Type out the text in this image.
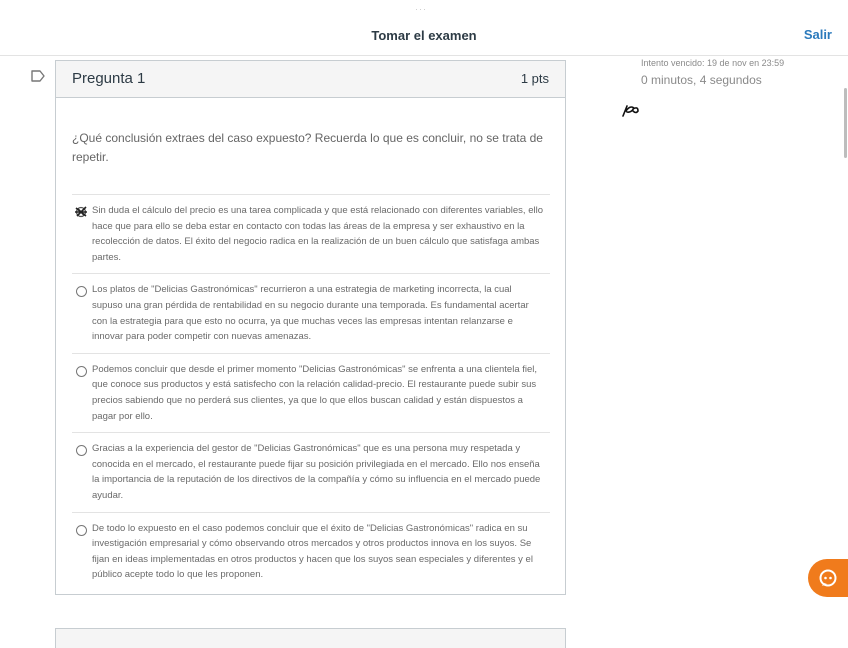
···
Tomar el examen	Salir
Pregunta 1	1 pts
¿Qué conclusión extraes del caso expuesto? Recuerda lo que es concluir, no se trata de repetir.
Sin duda el cálculo del precio es una tarea complicada y que está relacionado con diferentes variables, ello hace que para ello se deba estar en contacto con todas las áreas de la empresa y ser exhaustivo en la recolección de datos. El éxito del negocio radica en la realización de un buen cálculo que satisfaga ambas partes.
Los platos de "Delicias Gastronómicas" recurrieron a una estrategia de marketing incorrecta, la cual supuso una gran pérdida de rentabilidad en su negocio durante una temporada. Es fundamental acertar con la estrategia para que esto no ocurra, ya que muchas veces las empresas intentan relanzarse e innovar para poder competir con nuevas amenazas.
Podemos concluir que desde el primer momento "Delicias Gastronómicas" se enfrenta a una clientela fiel, que conoce sus productos y está satisfecho con la relación calidad-precio. El restaurante puede subir sus precios sabiendo que no perderá sus clientes, ya que lo que ellos buscan calidad y están dispuestos a pagar por ello.
Gracias a la experiencia del gestor de "Delicias Gastronómicas" que es una persona muy respetada y conocida en el mercado, el restaurante puede fijar su posición privilegiada en el mercado. Ello nos enseña la importancia de la reputación de los directivos de la compañía y cómo su influencia en el mercado puede ayudar.
De todo lo expuesto en el caso podemos concluir que el éxito de "Delicias Gastronómicas" radica en su investigación empresarial y cómo observando otros mercados y otros productos innova en los suyos. Se fijan en ideas implementadas en otros productos y hacen que los suyos sean especiales y diferentes y el público acepte todo lo que les proponen.
Intento vencido: 19 de nov en 23:59
0 minutos, 4 segundos
